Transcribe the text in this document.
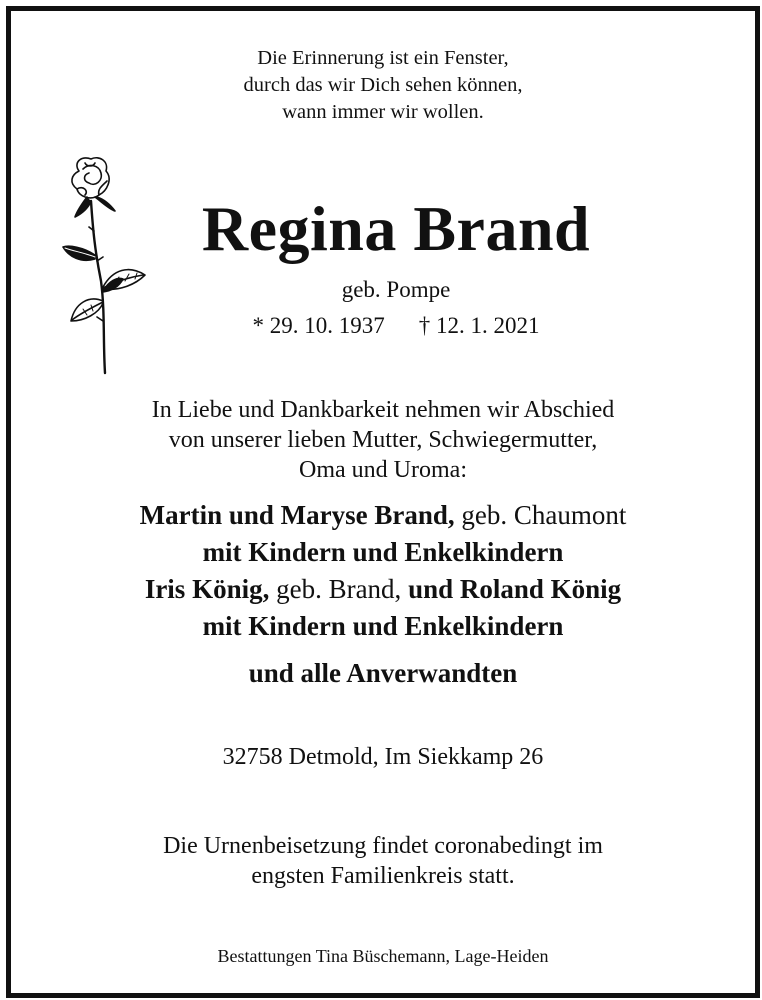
Die Erinnerung ist ein Fenster,
durch das wir Dich sehen können,
wann immer wir wollen.
Regina Brand
geb. Pompe
* 29. 10. 1937 † 12. 1. 2021
In Liebe und Dankbarkeit nehmen wir Abschied
von unserer lieben Mutter, Schwiegermutter,
Oma und Uroma:
Martin und Maryse Brand, geb. Chaumont
mit Kindern und Enkelkindern
Iris König, geb. Brand, und Roland König
mit Kindern und Enkelkindern
und alle Anverwandten
32758 Detmold, Im Siekkamp 26
Die Urnenbeisetzung findet coronabedingt im
engsten Familienkreis statt.
Bestattungen Tina Büschemann, Lage-Heiden
